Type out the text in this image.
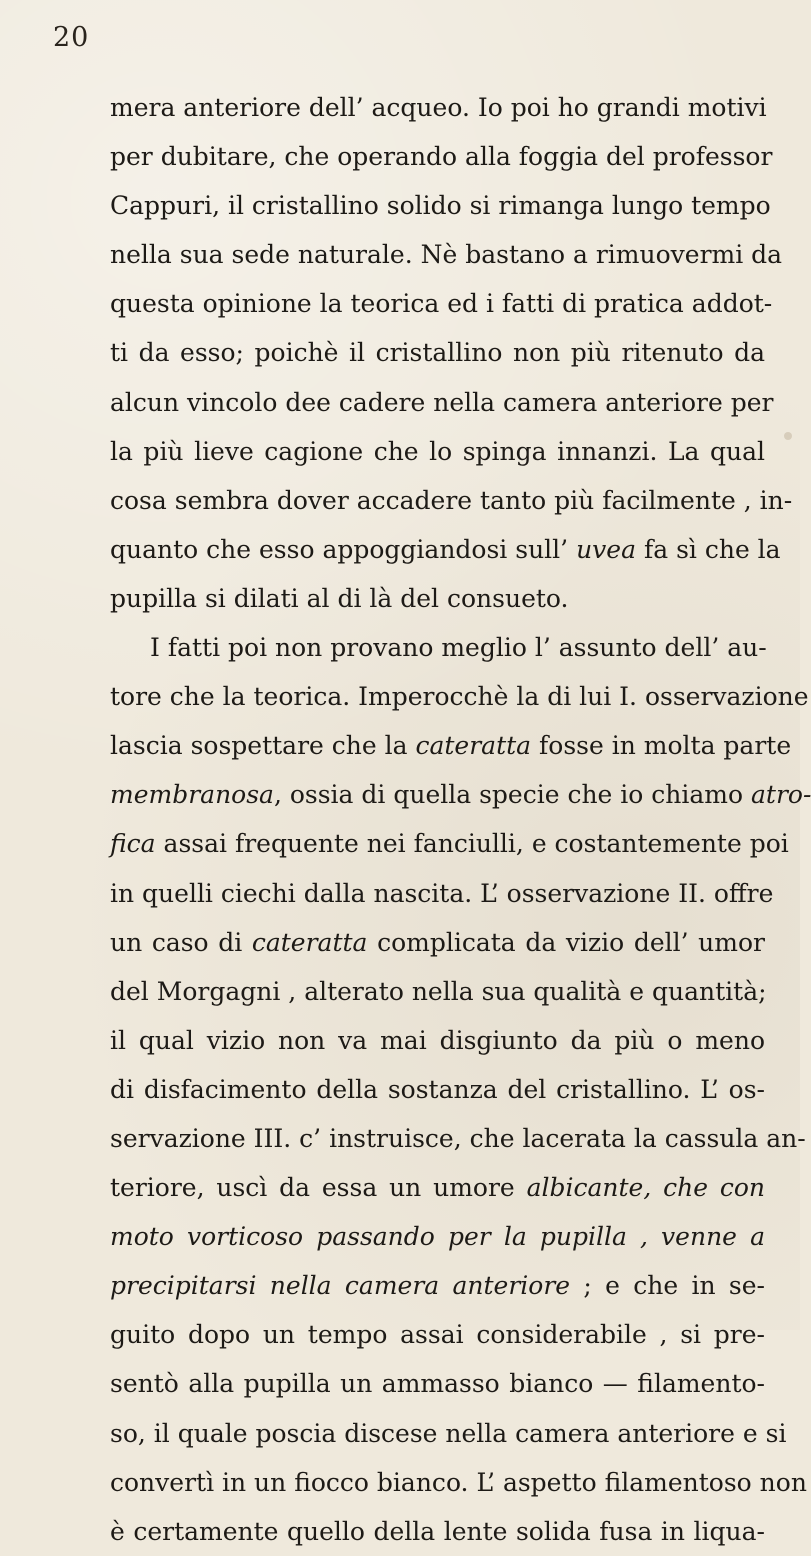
20
mera anteriore dell’ acqueo. Io poi ho grandi motivi
per dubitare, che operando alla foggia del professor
Cappuri, il cristallino solido si rimanga lungo tempo
nella sua sede naturale. Nè bastano a rimuovermi da
questa opinione la teorica ed i fatti di pratica addot-
ti da esso; poichè il cristallino non più ritenuto da
alcun vincolo dee cadere nella camera anteriore per
la più lieve cagione che lo spinga innanzi. La qual
cosa sembra dover accadere tanto più facilmente , in-
quanto che esso appoggiandosi sull’ uvea fa sì che la
pupilla si dilati al di là del consueto.
I fatti poi non provano meglio l’ assunto dell’ au-
tore che la teorica. Imperocchè la di lui I. osservazione
lascia sospettare che la cateratta fosse in molta parte
membranosa, ossia di quella specie che io chiamo atro-
fica assai frequente nei fanciulli, e costantemente poi
in quelli ciechi dalla nascita. L’ osservazione II. offre
un caso di cateratta complicata da vizio dell’ umor
del Morgagni , alterato nella sua qualità e quantità;
il qual vizio non va mai disgiunto da più o meno
di disfacimento della sostanza del cristallino. L’ os-
servazione III. c’ instruisce, che lacerata la cassula an-
teriore, uscì da essa un umore albicante, che con
moto vorticoso passando per la pupilla , venne a
precipitarsi nella camera anteriore ; e che in se-
guito dopo un tempo assai considerabile , si pre-
sentò alla pupilla un ammasso bianco — filamento-
so, il quale poscia discese nella camera anteriore e si
convertì in un fiocco bianco. L’ aspetto filamentoso non
è certamente quello della lente solida fusa in liqua-
